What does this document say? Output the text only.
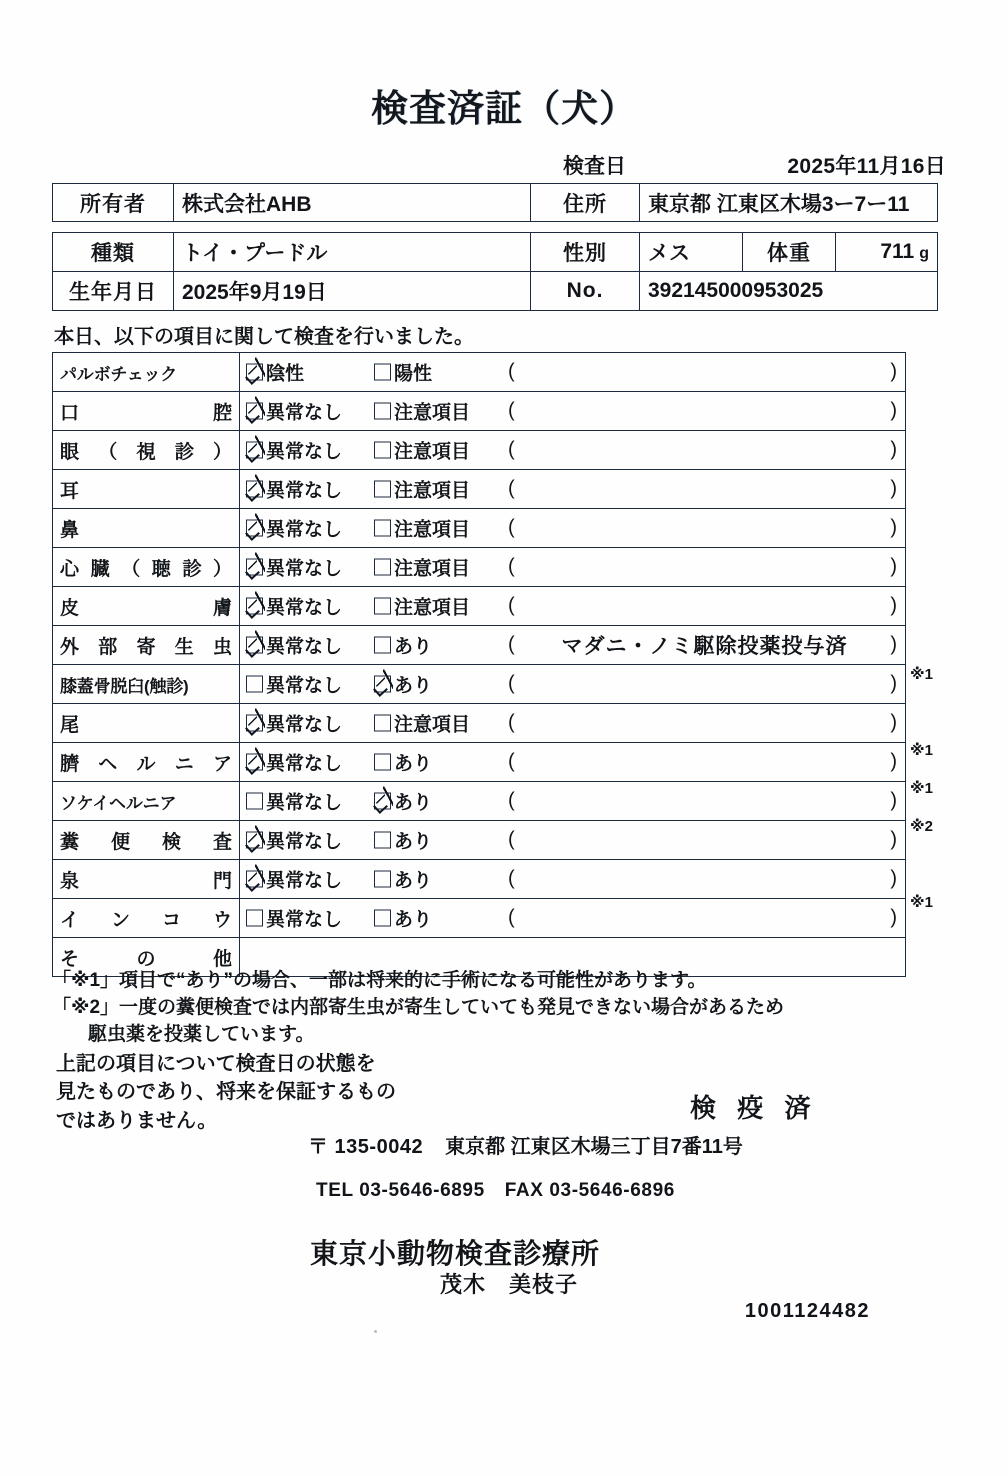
検査済証（犬）
検査日	2025年11月16日
所有者	株式会社AHB	住所	東京都 江東区木場3ー7ー11
種類	トイ・プードル	性別	メス	体重	711 g
生年月日	2025年9月19日	No.	392145000953025		
本日、以下の項目に関して検査を行いました。
パルボチェック	陰性 陽性 ( )

口腔	異常なし 注意項目 ( )

眼（視診）	異常なし 注意項目 ( )

耳	異常なし 注意項目 ( )

鼻	異常なし 注意項目 ( )

心臓（聴診）	異常なし 注意項目 ( )

皮膚	異常なし 注意項目 ( )

外部寄生虫	異常なし あり ( )
マダニ・ノミ駆除投薬投与済

膝蓋骨脱臼(触診)	異常なし あり ( )

尾	異常なし 注意項目 ( )

臍ヘルニア	異常なし あり ( )

ソケイヘルニア	異常なし あり ( )

糞便検査	異常なし あり ( )

泉門	異常なし あり ( )

インコウ	異常なし あり ( )

その他	
※1
※1
※1
※2
※1
「※1」項目で“あり”の場合、一部は将来的に手術になる可能性があります。
「※2」一度の糞便検査では内部寄生虫が寄生していても発見できない場合があるため
駆虫薬を投薬しています。
上記の項目について検査日の状態を
見たものであり、将来を保証するもの
ではありません。	検 疫 済
〒 135-0042 東京都 江東区木場三丁目7番11号
TEL 03-5646-6895 FAX 03-5646-6896
東京小動物検査診療所
茂木　美枝子
1001124482
